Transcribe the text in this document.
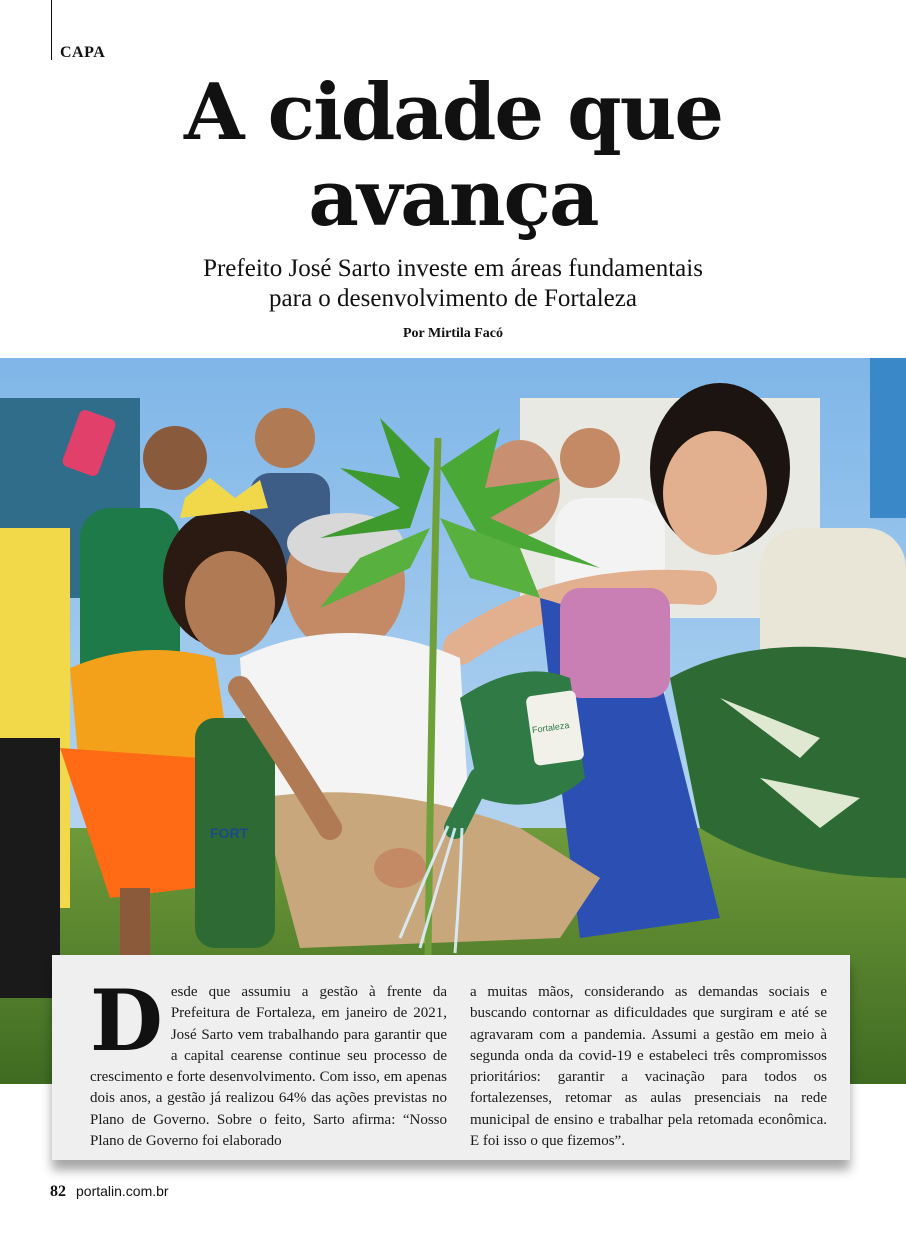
CAPA
A cidade que
avança

Prefeito José Sarto investe em áreas fundamentais
para o desenvolvimento de Fortaleza

Por Mirtila Facó
FORT
Fortaleza
D esde que assumiu a gestão à frente da Prefeitura de Fortaleza, em janeiro de 2021, José Sarto vem trabalhando para garantir que a capital cearense continue seu processo de crescimento e forte desenvolvimento. Com isso, em apenas dois anos, a gestão já realizou 64% das ações previstas no Plano de Governo. Sobre o feito, Sarto afirma: “Nosso Plano de Governo foi elaborado
a muitas mãos, considerando as demandas sociais e buscando contornar as dificuldades que surgiram e até se agravaram com a pandemia. Assumi a gestão em meio à segunda onda da covid-19 e estabeleci três compromissos prioritários: garantir a vacinação para todos os fortalezenses, retomar as aulas presenciais na rede municipal de ensino e trabalhar pela retomada econômica. E foi isso o que fizemos”.
82 portalin.com.br
